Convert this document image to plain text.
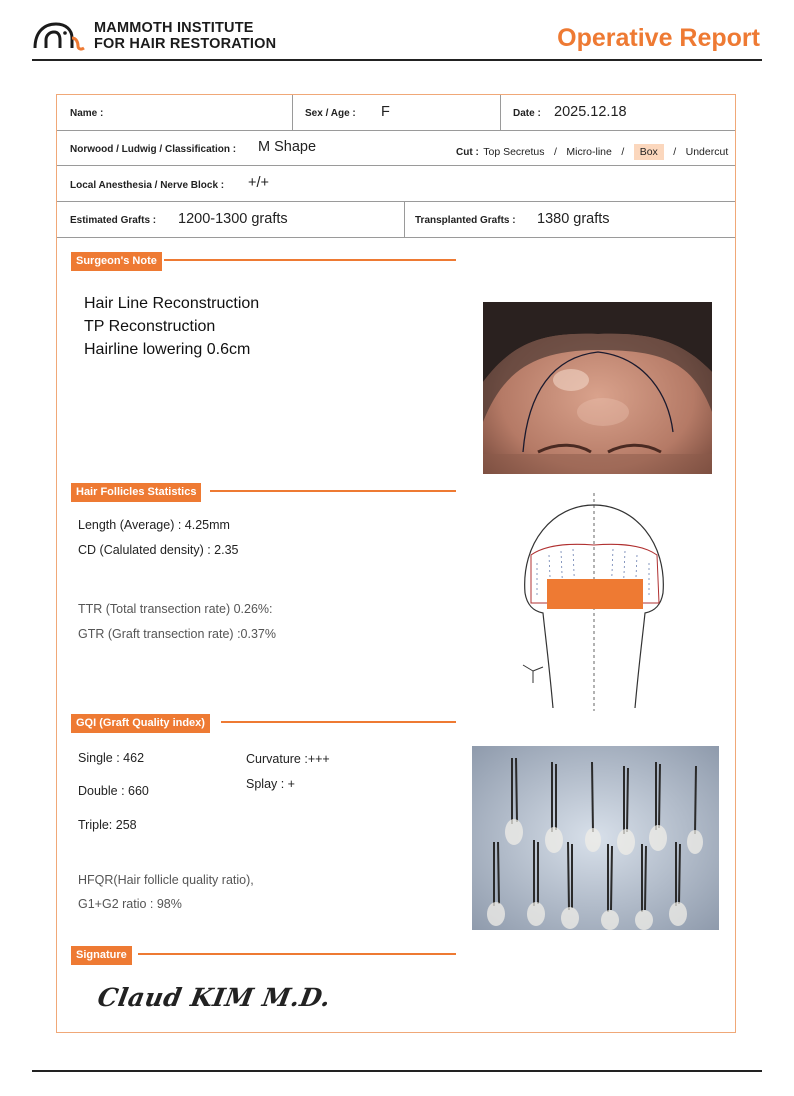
MAMMOTH INSTITUTE
FOR HAIR RESTORATION	Operative Report
Name :	Sex / Age : F	Date : 2025.12.18
Norwood / Ludwig / Classification : M Shape	Cut : Top Secretus / Micro-line / Box / Undercut
Local Anesthesia / Nerve Block : +/+
Estimated Grafts : 1200-1300 grafts	Transplanted Grafts : 1380 grafts
Surgeon's Note
Hair Line Reconstruction
TP Reconstruction
Hairline lowering 0.6cm
Hair Follicles Statistics
Length (Average) : 4.25mm
CD (Calulated density) : 2.35
TTR (Total transection rate) 0.26%:
GTR (Graft transection rate) :0.37%
GQI (Graft Quality index)
Single : 462
Double : 660
Triple: 258
Curvature :+++
Splay : +
HFQR(Hair follicle quality ratio),
G1+G2 ratio : 98%
Signature
Claud KIM M.D.
